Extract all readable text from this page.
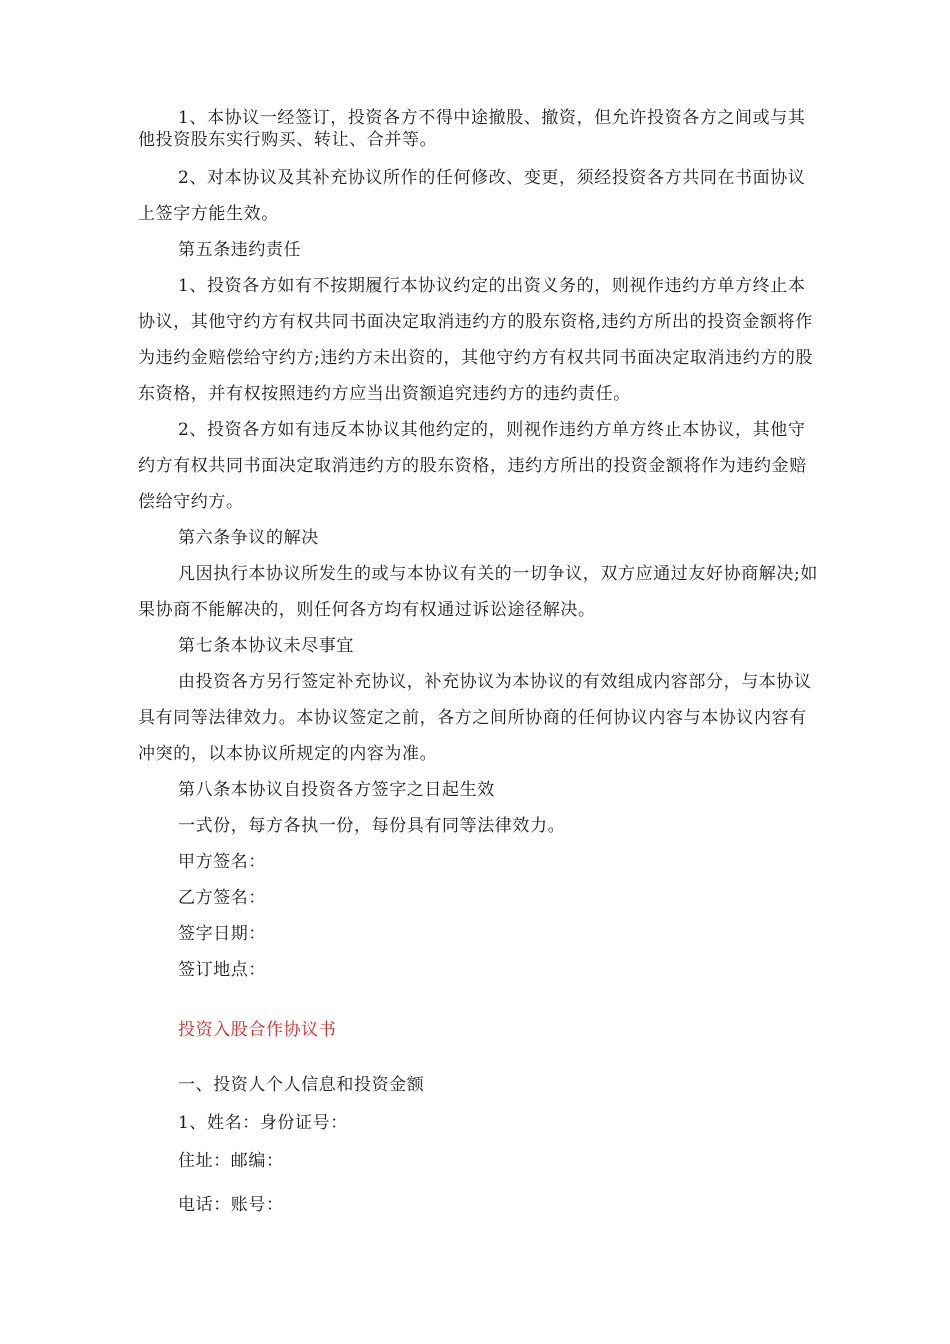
1、本协议一经签订，投资各方不得中途撤股、撤资，但允许投资各方之间或与其他投资股东实行购买、转让、合并等。

2、对本协议及其补充协议所作的任何修改、变更，须经投资各方共同在书面协议上签字方能生效。

第五条违约责任

1、投资各方如有不按期履行本协议约定的出资义务的，则视作违约方单方终止本协议，其他守约方有权共同书面决定取消违约方的股东资格,违约方所出的投资金额将作为违约金赔偿给守约方;违约方未出资的，其他守约方有权共同书面决定取消违约方的股东资格，并有权按照违约方应当出资额追究违约方的违约责任。

2、投资各方如有违反本协议其他约定的，则视作违约方单方终止本协议，其他守约方有权共同书面决定取消违约方的股东资格，违约方所出的投资金额将作为违约金赔偿给守约方。

第六条争议的解决

凡因执行本协议所发生的或与本协议有关的一切争议，双方应通过友好协商解决;如果协商不能解决的，则任何各方均有权通过诉讼途径解决。

第七条本协议未尽事宜

由投资各方另行签定补充协议，补充协议为本协议的有效组成内容部分，与本协议具有同等法律效力。本协议签定之前，各方之间所协商的任何协议内容与本协议内容有冲突的，以本协议所规定的内容为准。

第八条本协议自投资各方签字之日起生效

一式份，每方各执一份，每份具有同等法律效力。

甲方签名：

乙方签名：

签字日期：

签订地点：

投资入股合作协议书

一、投资人个人信息和投资金额

1、姓名：身份证号：

住址：邮编：

电话：账号：
